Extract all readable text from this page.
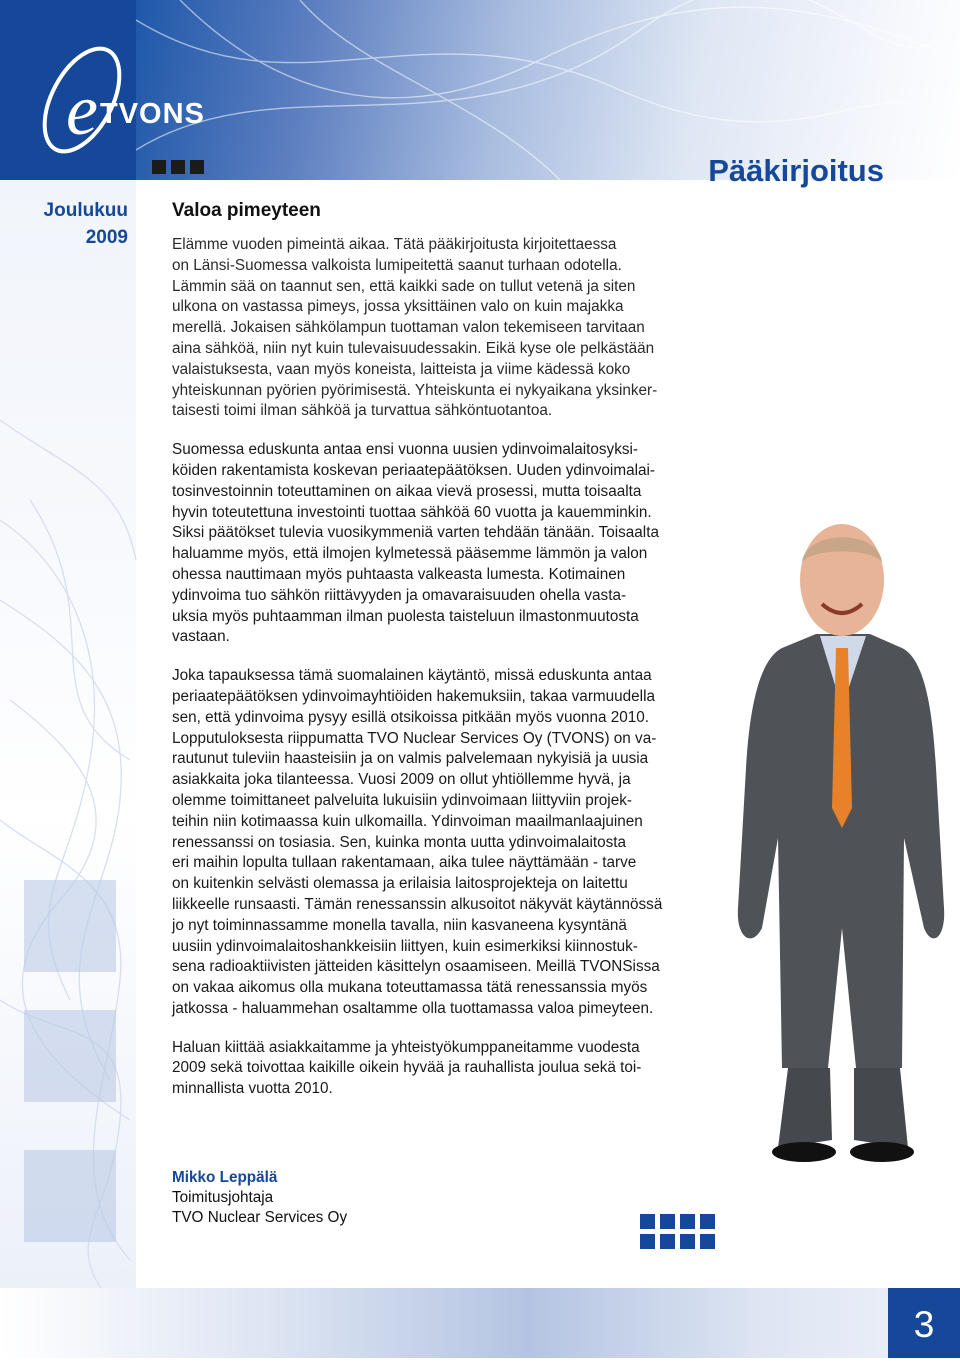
e TVONS
Pääkirjoitus
Joulukuu
2009
Valoa pimeyteen

Elämme vuoden pimeintä aikaa. Tätä pääkirjoitusta kirjoitettaessa
on Länsi-Suomessa valkoista lumipeitettä saanut turhaan odotella.
Lämmin sää on taannut sen, että kaikki sade on tullut vetenä ja siten
ulkona on vastassa pimeys, jossa yksittäinen valo on kuin majakka
merellä. Jokaisen sähkölampun tuottaman valon tekemiseen tarvitaan
aina sähköä, niin nyt kuin tulevaisuudessakin. Eikä kyse ole pelkästään
valaistuksesta, vaan myös koneista, laitteista ja viime kädessä koko
yhteiskunnan pyörien pyörimisestä. Yhteiskunta ei nykyaikana yksinker-
taisesti toimi ilman sähköä ja turvattua sähköntuotantoa.

Suomessa eduskunta antaa ensi vuonna uusien ydinvoimalaitosyksi-
köiden rakentamista koskevan periaatepäätöksen. Uuden ydinvoimalai-
tosinvestoinnin toteuttaminen on aikaa vievä prosessi, mutta toisaalta
hyvin toteutettuna investointi tuottaa sähköä 60 vuotta ja kauemminkin.
Siksi päätökset tulevia vuosikymmeniä varten tehdään tänään. Toisaalta
haluamme myös, että ilmojen kylmetessä pääsemme lämmön ja valon
ohessa nauttimaan myös puhtaasta valkeasta lumesta. Kotimainen
ydinvoima tuo sähkön riittävyyden ja omavaraisuuden ohella vasta-
uksia myös puhtaamman ilman puolesta taisteluun ilmastonmuutosta
vastaan.

Joka tapauksessa tämä suomalainen käytäntö, missä eduskunta antaa
periaatepäätöksen ydinvoimayhtiöiden hakemuksiin, takaa varmuudella
sen, että ydinvoima pysyy esillä otsikoissa pitkään myös vuonna 2010.
Lopputuloksesta riippumatta TVO Nuclear Services Oy (TVONS) on va-
rautunut tuleviin haasteisiin ja on valmis palvelemaan nykyisiä ja uusia
asiakkaita joka tilanteessa. Vuosi 2009 on ollut yhtiöllemme hyvä, ja
olemme toimittaneet palveluita lukuisiin ydinvoimaan liittyviin projek-
teihin niin kotimaassa kuin ulkomailla. Ydinvoiman maailmanlaajuinen
renessanssi on tosiasia. Sen, kuinka monta uutta ydinvoimalaitosta
eri maihin lopulta tullaan rakentamaan, aika tulee näyttämään - tarve
on kuitenkin selvästi olemassa ja erilaisia laitosprojekteja on laitettu
liikkeelle runsaasti. Tämän renessanssin alkusoitot näkyvät käytännössä
jo nyt toiminnassamme monella tavalla, niin kasvaneena kysyntänä
uusiin ydinvoimalaitoshankkeisiin liittyen, kuin esimerkiksi kiinnostuk-
sena radioaktiivisten jätteiden käsittelyn osaamiseen. Meillä TVONSissa
on vakaa aikomus olla mukana toteuttamassa tätä renessanssia myös
jatkossa - haluammehan osaltamme olla tuottamassa valoa pimeyteen.

Haluan kiittää asiakkaitamme ja yhteistyökumppaneitamme vuodesta
2009 sekä toivottaa kaikille oikein hyvää ja rauhallista joulua sekä toi-
minnallista vuotta 2010.

Mikko Leppälä
Toimitusjohtaja
TVO Nuclear Services Oy
3
